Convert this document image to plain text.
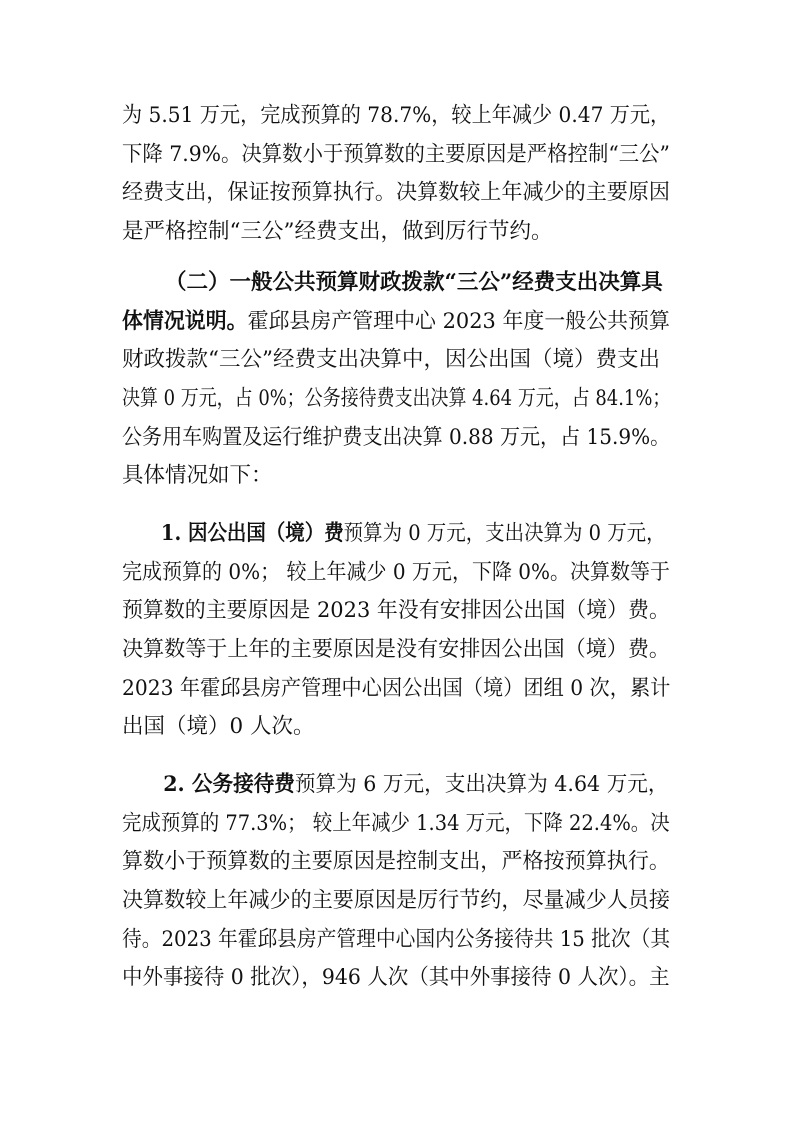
为 5.51 万元，完成预算的 78.7%，较上年减少 0.47 万元，
下降 7.9%。决算数小于预算数的主要原因是严格控制“三公”
经费支出，保证按预算执行。决算数较上年减少的主要原因
是严格控制“三公”经费支出，做到厉行节约。
（二）一般公共预算财政拨款“三公”经费支出决算具
体情况说明。霍邱县房产管理中心 2023 年度一般公共预算
财政拨款“三公”经费支出决算中，因公出国（境）费支出
决算 0 万元，占 0%；公务接待费支出决算 4.64 万元，占 84.1%；
公务用车购置及运行维护费支出决算 0.88 万元，占 15.9%。
具体情况如下：
1. 因公出国（境）费预算为 0 万元，支出决算为 0 万元，
完成预算的 0%； 较上年减少 0 万元，下降 0%。决算数等于
预算数的主要原因是 2023 年没有安排因公出国（境）费。
决算数等于上年的主要原因是没有安排因公出国（境）费。
2023 年霍邱县房产管理中心因公出国（境）团组 0 次，累计
出国（境）0 人次。
2. 公务接待费预算为 6 万元，支出决算为 4.64 万元，
完成预算的 77.3%； 较上年减少 1.34 万元，下降 22.4%。决
算数小于预算数的主要原因是控制支出，严格按预算执行。
决算数较上年减少的主要原因是厉行节约，尽量减少人员接
待。2023 年霍邱县房产管理中心国内公务接待共 15 批次（其
中外事接待 0 批次），946 人次（其中外事接待 0 人次）。主
